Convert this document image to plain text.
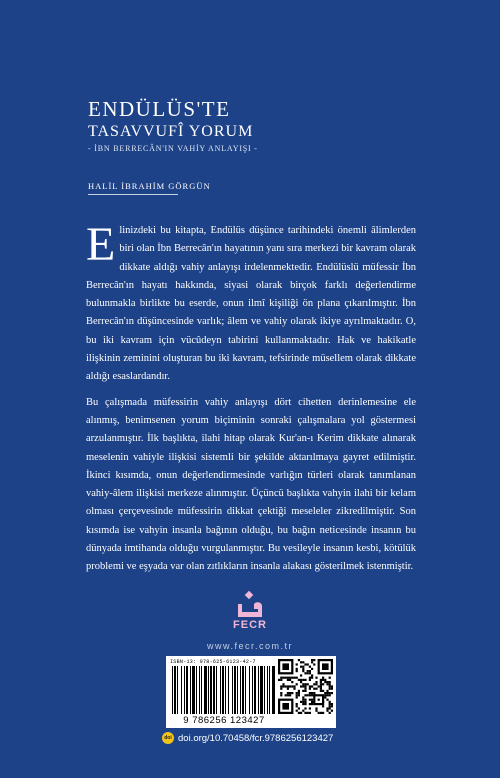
ENDÜLÜS'TE
TASAVVUFÎ YORUM
- İBN BERRECÂN'IN VAHİY ANLAYIŞI -
HALİL İBRAHİM GÖRGÜN

Elinizdeki bu kitapta, Endülüs düşünce tarihindeki önemli âlimlerden biri olan İbn Berrecân'ın hayatının yanı sıra merkezi bir kavram olarak dikkate aldığı vahiy anlayışı irdelenmektedir. Endülüslü müfessir İbn Berrecân'ın hayatı hakkında, siyasi olarak birçok farklı değerlendirme bulunmakla birlikte bu eserde, onun ilmî kişiliği ön plana çıkarılmıştır. İbn Berrecân'ın düşüncesinde varlık; âlem ve vahiy olarak ikiye ayrılmaktadır. O, bu iki kavram için vücûdeyn tabirini kullanmaktadır. Hak ve hakikatle ilişkinin zeminini oluşturan bu iki kavram, tefsirinde müsellem olarak dikkate aldığı esaslardandır.

Bu çalışmada müfessirin vahiy anlayışı dört cihetten derinlemesine ele alınmış, benimsenen yorum biçiminin sonraki çalışmalara yol göstermesi arzulanmıştır. İlk başlıkta, ilahi hitap olarak Kur'an-ı Kerim dikkate alınarak meselenin vahiyle ilişkisi sistemli bir şekilde aktarılmaya gayret edilmiştir. İkinci kısımda, onun değerlendirmesinde varlığın türleri olarak tanımlanan vahiy-âlem ilişkisi merkeze alınmıştır. Üçüncü başlıkta vahyin ilahi bir kelam olması çerçevesinde müfessirin dikkat çektiği meseleler zikredilmiştir. Son kısımda ise vahyin insanla bağının olduğu, bu bağın neticesinde insanın bu dünyada imtihanda olduğu vurgulanmıştır. Bu vesileyle insanın kesbi, kötülük problemi ve eşyada var olan zıtlıkların insanla alakası gösterilmek istenmiştir.

FECR
www.fecr.com.tr
ISBN-13: 978-625-6123-42-7
9 786256 123427
doi doi.org/10.70458/fcr.9786256123427
